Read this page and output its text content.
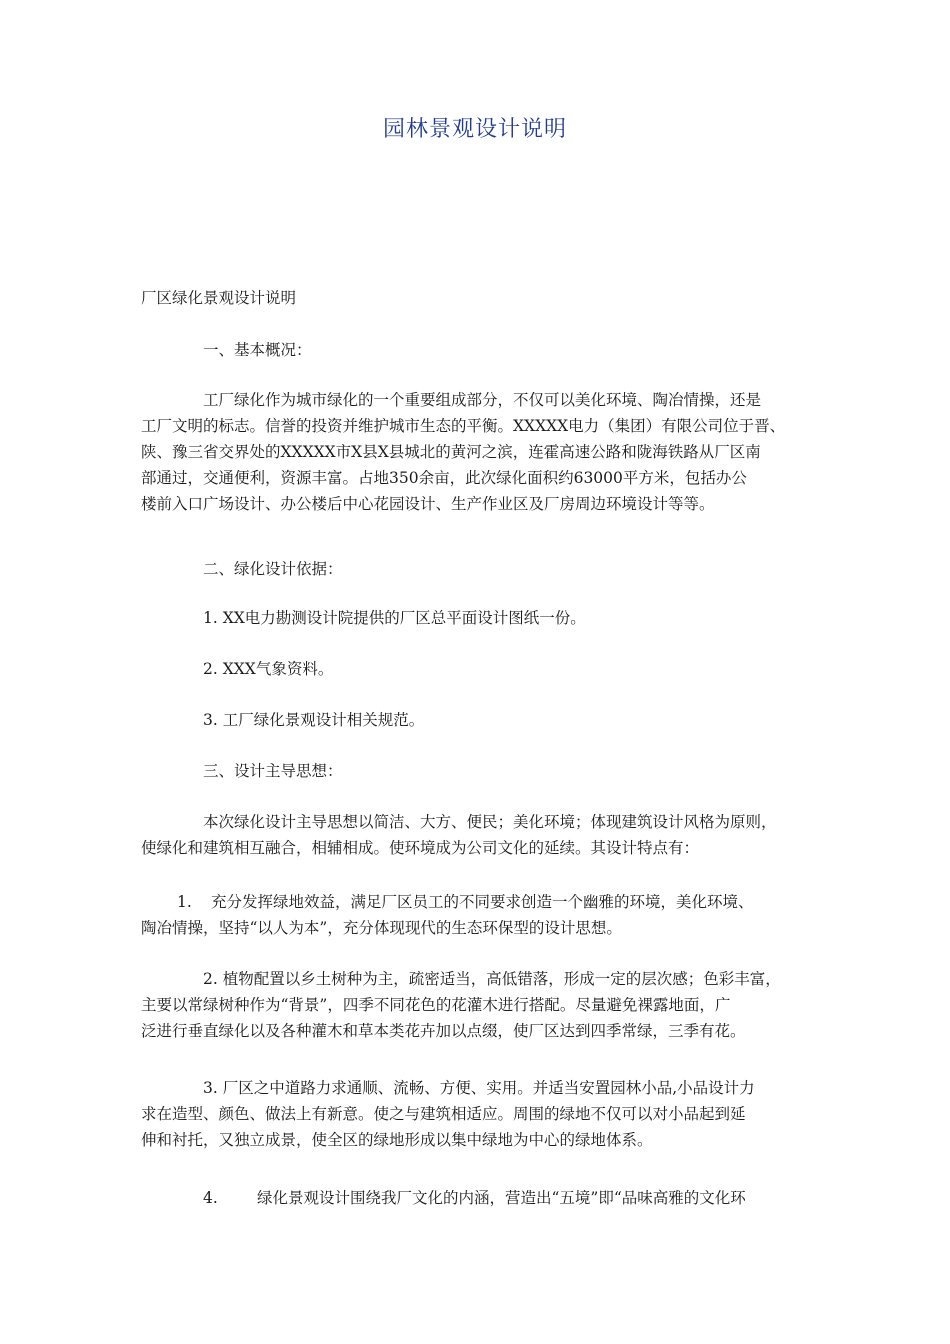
园林景观设计说明
厂区绿化景观设计说明
一、基本概况：
工厂绿化作为城市绿化的一个重要组成部分，不仅可以美化环境、陶冶情操，还是
工厂文明的标志。信誉的投资并维护城市生态的平衡。XXXXX电力（集团）有限公司位于晋、
陕、豫三省交界处的XXXXX市X县X县城北的黄河之滨，连霍高速公路和陇海铁路从厂区南
部通过，交通便利，资源丰富。占地350余亩，此次绿化面积约63000平方米，包括办公
楼前入口广场设计、办公楼后中心花园设计、生产作业区及厂房周边环境设计等等。
二、绿化设计依据：
1. XX电力勘测设计院提供的厂区总平面设计图纸一份。
2. XXX气象资料。
3. 工厂绿化景观设计相关规范。
三、设计主导思想：
本次绿化设计主导思想以简洁、大方、便民；美化环境；体现建筑设计风格为原则，
使绿化和建筑相互融合，相辅相成。使环境成为公司文化的延续。其设计特点有：
1. 充分发挥绿地效益，满足厂区员工的不同要求创造一个幽雅的环境，美化环境、
陶冶情操，坚持“以人为本”，充分体现现代的生态环保型的设计思想。
2. 植物配置以乡土树种为主，疏密适当，高低错落，形成一定的层次感；色彩丰富，
主要以常绿树种作为“背景”，四季不同花色的花灌木进行搭配。尽量避免裸露地面，广
泛进行垂直绿化以及各种灌木和草本类花卉加以点缀，使厂区达到四季常绿，三季有花。
3. 厂区之中道路力求通顺、流畅、方便、实用。并适当安置园林小品,小品设计力
求在造型、颜色、做法上有新意。使之与建筑相适应。周围的绿地不仅可以对小品起到延
伸和衬托，又独立成景，使全区的绿地形成以集中绿地为中心的绿地体系。
4.	绿化景观设计围绕我厂文化的内涵，营造出“五境”即“品味高雅的文化环
